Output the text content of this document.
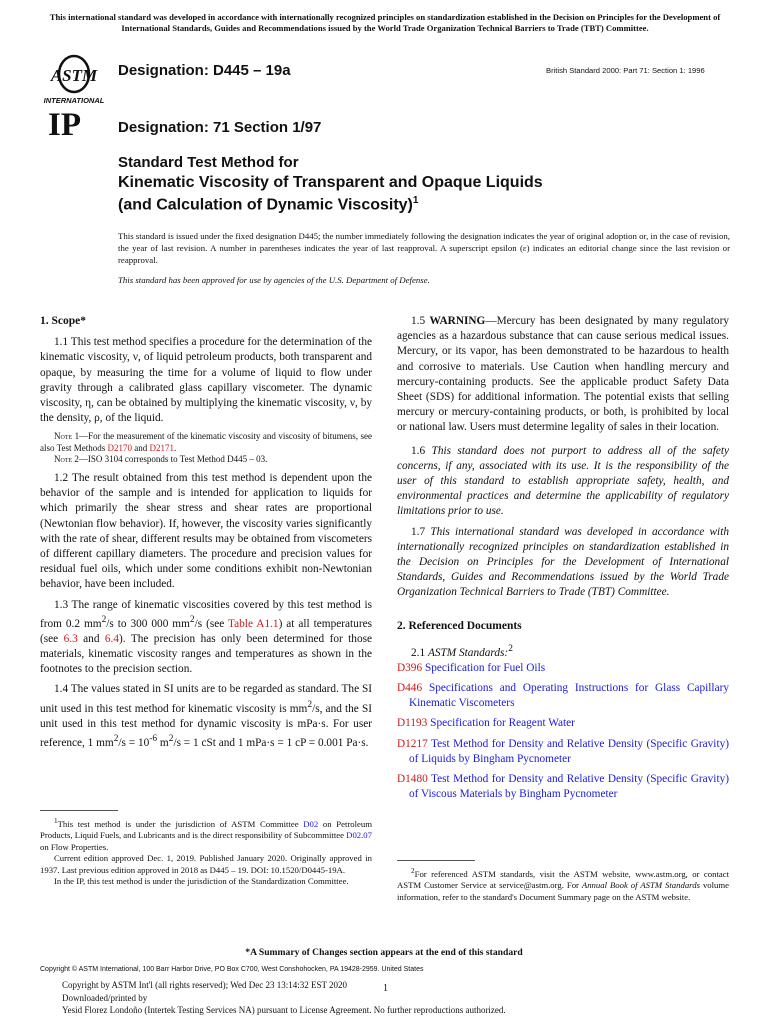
This international standard was developed in accordance with internationally recognized principles on standardization established in the Decision on Principles for the Development of International Standards, Guides and Recommendations issued by the World Trade Organization Technical Barriers to Trade (TBT) Committee.
ASTM
INTERNATIONAL
IP
Designation: D445 – 19a	British Standard 2000: Part 71: Section 1: 1996
Designation: 71 Section 1/97
Standard Test Method for
Kinematic Viscosity of Transparent and Opaque Liquids
(and Calculation of Dynamic Viscosity)$^1$
This standard is issued under the fixed designation D445; the number immediately following the designation indicates the year of original adoption or, in the case of revision, the year of last revision. A number in parentheses indicates the year of last reapproval. A superscript epsilon (ε) indicates an editorial change since the last revision or reapproval.
This standard has been approved for use by agencies of the U.S. Department of Defense.

1. Scope*

1.1 This test method specifies a procedure for the determination of the kinematic viscosity, ν, of liquid petroleum products, both transparent and opaque, by measuring the time for a volume of liquid to flow under gravity through a calibrated glass capillary viscometer. The dynamic viscosity, η, can be obtained by multiplying the kinematic viscosity, ν, by the density, ρ, of the liquid.

Note 1—For the measurement of the kinematic viscosity and viscosity of bitumens, see also Test Methods D2170 and D2171.

Note 2—ISO 3104 corresponds to Test Method D445 – 03.

1.2 The result obtained from this test method is dependent upon the behavior of the sample and is intended for application to liquids for which primarily the shear stress and shear rates are proportional (Newtonian flow behavior). If, however, the viscosity varies significantly with the rate of shear, different results may be obtained from viscometers of different capillary diameters. The procedure and precision values for residual fuel oils, which under some conditions exhibit non-Newtonian behavior, have been included.

1.3 The range of kinematic viscosities covered by this test method is from 0.2 $mm^2/s$ to 300 000 $mm^2/s$ (see Table A1.1) at all temperatures (see 6.3 and 6.4). The precision has only been determined for those materials, kinematic viscosity ranges and temperatures as shown in the footnotes to the precision section.

1.4 The values stated in SI units are to be regarded as standard. The SI unit used in this test method for kinematic viscosity is $mm^2/s$, and the SI unit used in this test method for dynamic viscosity is mPa·s. For user reference, 1 $mm^2/s = 10^{-6}$ $m^2/s = 1$ cSt and 1 mPa·s = 1 cP = 0.001 Pa·s.

$^1$This test method is under the jurisdiction of ASTM Committee D02 on Petroleum Products, Liquid Fuels, and Lubricants and is the direct responsibility of Subcommittee D02.07 on Flow Properties.

Current edition approved Dec. 1, 2019. Published January 2020. Originally approved in 1937. Last previous edition approved in 2018 as D445 – 19. DOI: 10.1520/D0445-19A.

In the IP, this test method is under the jurisdiction of the Standardization Committee.

1.5 WARNING—Mercury has been designated by many regulatory agencies as a hazardous substance that can cause serious medical issues. Mercury, or its vapor, has been demonstrated to be hazardous to health and corrosive to materials. Use Caution when handling mercury and mercury-containing products. See the applicable product Safety Data Sheet (SDS) for additional information. The potential exists that selling mercury or mercury-containing products, or both, is prohibited by local or national law. Users must determine legality of sales in their location.

1.6 This standard does not purport to address all of the safety concerns, if any, associated with its use. It is the responsibility of the user of this standard to establish appropriate safety, health, and environmental practices and determine the applicability of regulatory limitations prior to use.

1.7 This international standard was developed in accordance with internationally recognized principles on standardization established in the Decision on Principles for the Development of International Standards, Guides and Recommendations issued by the World Trade Organization Technical Barriers to Trade (TBT) Committee.

2. Referenced Documents

2.1 ASTM Standards:$^2$

D396 Specification for Fuel Oils

D446 Specifications and Operating Instructions for Glass Capillary Kinematic Viscometers

D1193 Specification for Reagent Water

D1217 Test Method for Density and Relative Density (Specific Gravity) of Liquids by Bingham Pycnometer

D1480 Test Method for Density and Relative Density (Specific Gravity) of Viscous Materials by Bingham Pycnometer

$^2$For referenced ASTM standards, visit the ASTM website, www.astm.org, or contact ASTM Customer Service at service@astm.org. For Annual Book of ASTM Standards volume information, refer to the standard's Document Summary page on the ASTM website.

*A Summary of Changes section appears at the end of this standard
Copyright © ASTM International, 100 Barr Harbor Drive, PO Box C700, West Conshohocken, PA 19428-2959. United States
Copyright by ASTM Int'l (all rights reserved); Wed Dec 23 13:14:32 EST 2020
Downloaded/printed by
Yesid Florez Londoño (Intertek Testing Services NA) pursuant to License Agreement. No further reproductions authorized.
1
